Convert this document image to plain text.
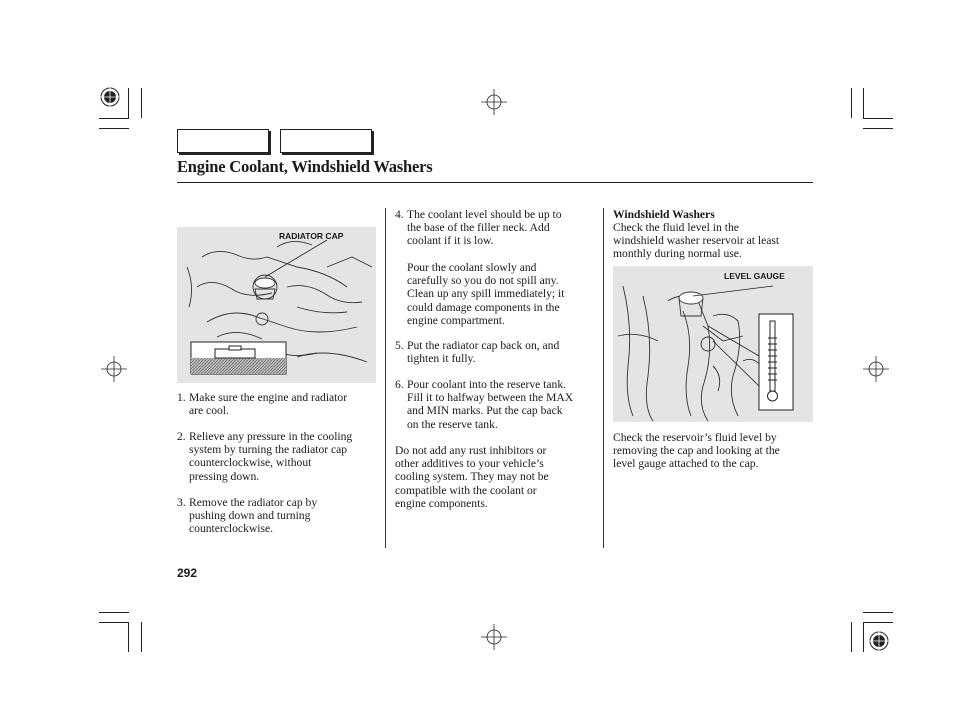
Engine Coolant, Windshield Washers
RADIATOR CAP
1. Make sure the engine and radiator
are cool.
2. Relieve any pressure in the cooling
system by turning the radiator cap
counterclockwise, without
pressing down.
3. Remove the radiator cap by
pushing down and turning
counterclockwise.
4. The coolant level should be up to
the base of the filler neck. Add
coolant if it is low.
Pour the coolant slowly and
carefully so you do not spill any.
Clean up any spill immediately; it
could damage components in the
engine compartment.
5. Put the radiator cap back on, and
tighten it fully.
6. Pour coolant into the reserve tank.
Fill it to halfway between the MAX
and MIN marks. Put the cap back
on the reserve tank.
Do not add any rust inhibitors or
other additives to your vehicle’s
cooling system. They may not be
compatible with the coolant or
engine components.
Windshield Washers
Check the fluid level in the
windshield washer reservoir at least
monthly during normal use.
LEVEL GAUGE
Check the reservoir’s fluid level by
removing the cap and looking at the
level gauge attached to the cap.
292
